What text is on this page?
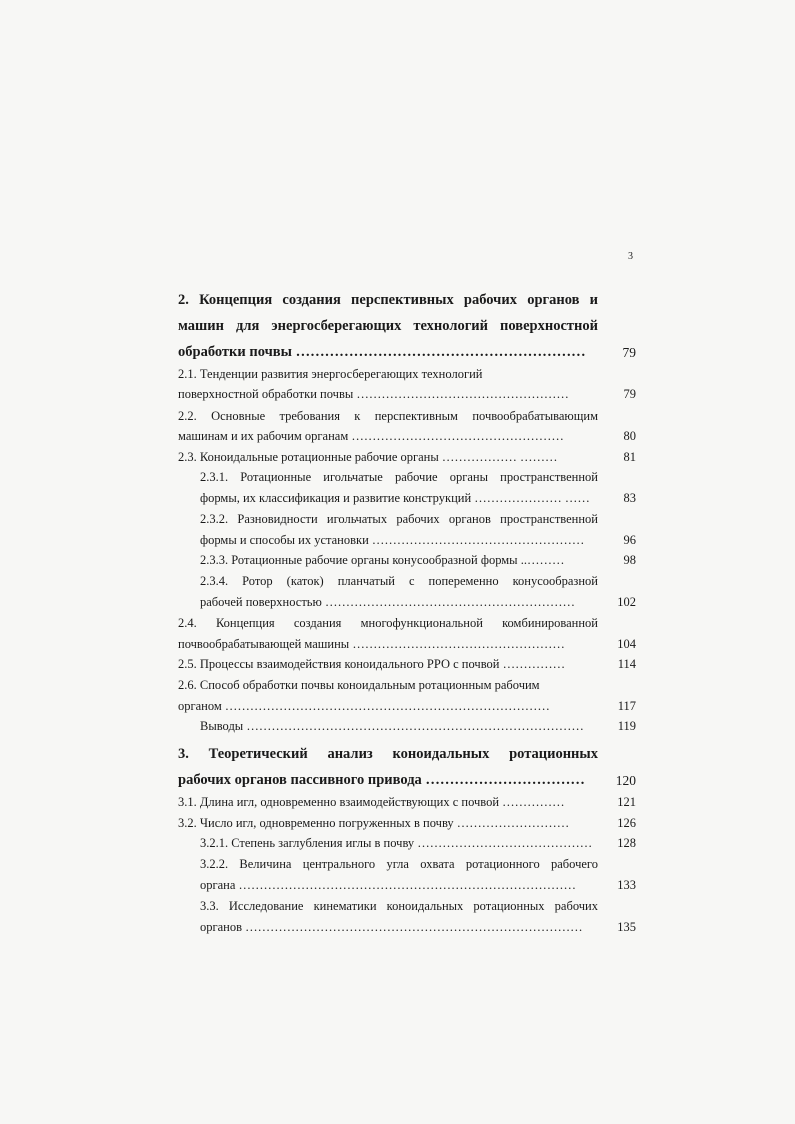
3
2. Концепция создания перспективных рабочих органов и
машин для энергосберегающих технологий поверхностной
обработки почвы ……………………………………………………	79
2.1. Тенденции развития энергосберегающих технологий
поверхностной обработки почвы ……………………………………………	79
2.2. Основные требования к перспективным почвообрабатывающим
машинам и их рабочим органам ……………………………………………	80
2.3. Коноидальные ротационные рабочие органы ……………… ………	81
2.3.1. Ротационные игольчатые рабочие органы пространственной
формы, их классификация и развитие конструкций ………………… ……	83
2.3.2. Разновидности игольчатых рабочих органов пространственной
формы и способы их установки ……………………………………………	96
2.3.3. Ротационные рабочие органы конусообразной формы ..………	98
2.3.4. Ротор (каток) планчатый с попеременно конусообразной
рабочей поверхностью ……………………………………………………	102
2.4. Концепция создания многофункциональной комбинированной
почвообрабатывающей машины ……………………………………………	104
2.5. Процессы взаимодействия коноидального РРО с почвой ……………	114
2.6. Способ обработки почвы коноидальным ротационным рабочим
органом ……………………………………………………………………	117
Выводы ………………………………………………………………………	119
3. Теоретический анализ коноидальных ротационных
рабочих органов пассивного привода ……………………………	120
3.1. Длина игл, одновременно взаимодействующих с почвой ……………	121
3.2. Число игл, одновременно погруженных в почву ………………………	126
3.2.1. Степень заглубления иглы в почву ……………………………………	128
3.2.2. Величина центрального угла охвата ротационного рабочего
органа ………………………………………………………………………	133
3.3. Исследование кинематики коноидальных ротационных рабочих
органов ………………………………………………………………………	135
